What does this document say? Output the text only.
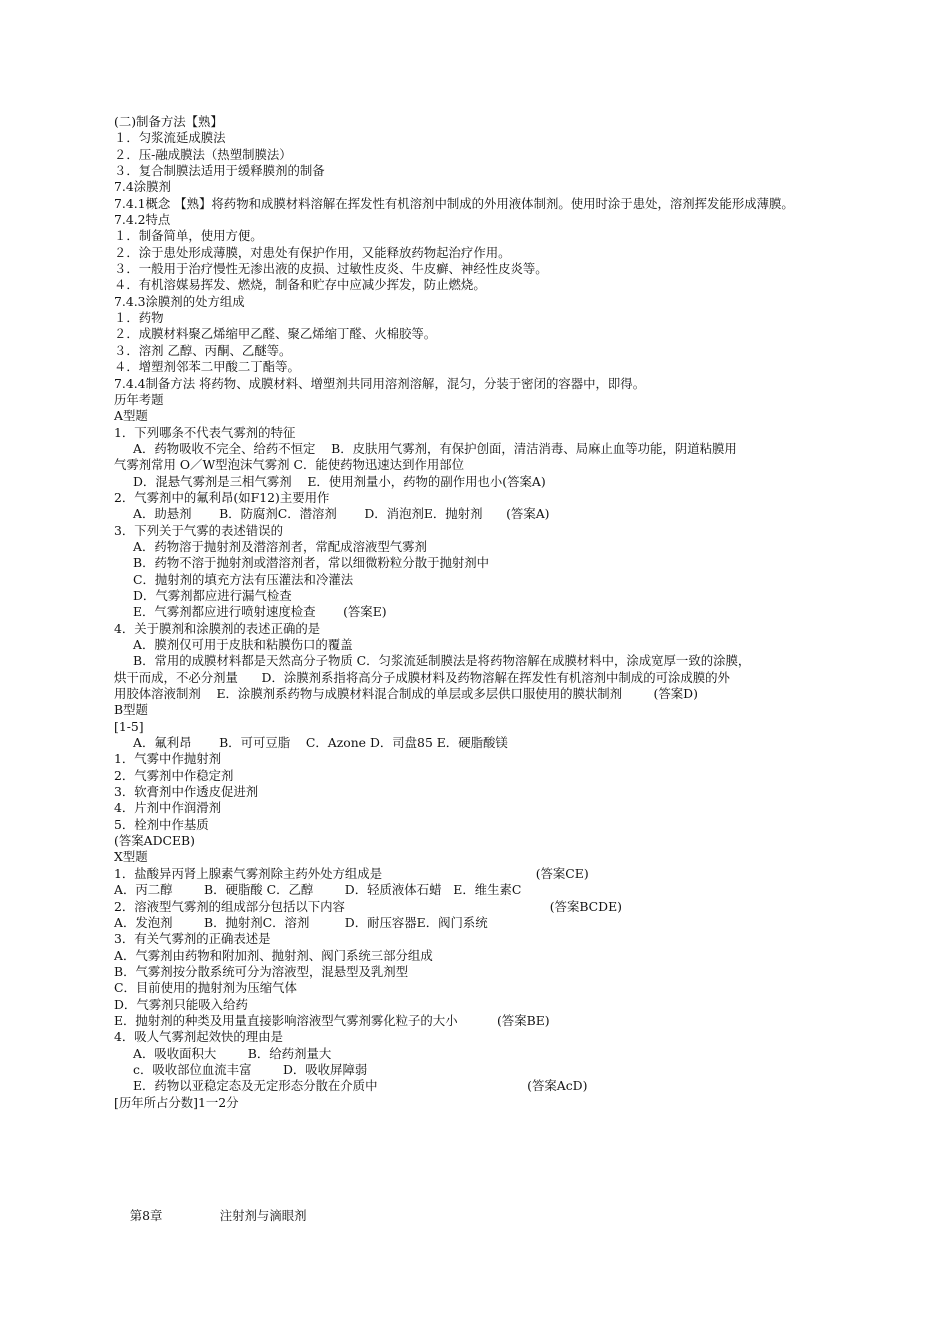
(二)制备方法【熟】
１．匀浆流延成膜法
２．压-融成膜法（热塑制膜法）
３．复合制膜法适用于缓释膜剂的制备
7.4涂膜剂
7.4.1概念 【熟】将药物和成膜材料溶解在挥发性有机溶剂中制成的外用液体制剂。使用时涂于患处，溶剂挥发能形成薄膜。
7.4.2特点
１．制备简单，使用方便。
２．涂于患处形成薄膜，对患处有保护作用，又能释放药物起治疗作用。
３．一般用于治疗慢性无渗出液的皮损、过敏性皮炎、牛皮癣、神经性皮炎等。
４．有机溶媒易挥发、燃烧，制备和贮存中应减少挥发，防止燃烧。
7.4.3涂膜剂的处方组成
１．药物
２．成膜材料聚乙烯缩甲乙醛、聚乙烯缩丁醛、火棉胶等。
３．溶剂 乙醇、丙酮、乙醚等。
４．增塑剂邻苯二甲酸二丁酯等。
7.4.4制备方法 将药物、成膜材料、增塑剂共同用溶剂溶解，混匀，分装于密闭的容器中，即得。
历年考题
A型题
1．下列哪条不代表气雾剂的特征
A．药物吸收不完全、给药不恒定    B．皮肤用气雾剂，有保护创面，清洁消毒、局麻止血等功能，阴道粘膜用
气雾剂常用 O／W型泡沫气雾剂 C．能使药物迅速达到作用部位
D．混悬气雾剂是三相气雾剂    E．使用剂量小，药物的副作用也小(答案A)
2．气雾剂中的氟利昂(如F12)主要用作
A．助悬剂       B．防腐剂C．潜溶剂       D．消泡剂E．抛射剂      (答案A)
3．下列关于气雾的表述错误的
A．药物溶于抛射剂及潜溶剂者，常配成溶液型气雾剂
B．药物不溶于抛射剂或潜溶剂者，常以细微粉粒分散于抛射剂中
C．抛射剂的填充方法有压灌法和冷灌法
D．气雾剂都应进行漏气检查
E．气雾剂都应进行喷射速度检查       (答案E)
4．关于膜剂和涂膜剂的表述正确的是
A．膜剂仅可用于皮肤和粘膜伤口的覆盖
B．常用的成膜材料都是天然高分子物质 C．匀浆流延制膜法是将药物溶解在成膜材料中，涂成宽厚一致的涂膜，
烘干而成，不必分剂量      D．涂膜剂系指将高分子成膜材料及药物溶解在挥发性有机溶剂中制成的可涂成膜的外
用胶体溶液制剂    E．涂膜剂系药物与成膜材料混合制成的单层或多层供口服使用的膜状制剂        (答案D)
B型题
[1-5]
A．氟利昂       B．可可豆脂    C．Azone D．司盘85 E．硬脂酸镁
1．气雾中作抛射剂
2．气雾剂中作稳定剂
3．软膏剂中作透皮促进剂
4．片剂中作润滑剂
5．栓剂中作基质
(答案ADCEB)
X型题
1．盐酸异丙肾上腺素气雾剂除主药外处方组成是                                       (答案CE)
A．丙二醇        B．硬脂酸 C．乙醇        D．轻质液体石蜡   E．维生素C
2．溶液型气雾剂的组成部分包括以下内容                                                    (答案BCDE)
A．发泡剂        B．抛射剂C．溶剂         D．耐压容器E．阀门系统
3．有关气雾剂的正确表述是
A．气雾剂由药物和附加剂、抛射剂、阀门系统三部分组成
B．气雾剂按分散系统可分为溶液型，混悬型及乳剂型
C．目前使用的抛射剂为压缩气体
D．气雾剂只能吸入给药
E．抛射剂的种类及用量直接影响溶液型气雾剂雾化粒子的大小          (答案BE)
4．吸人气雾剂起效快的理由是
A．吸收面积大        B．给药剂量大
c．吸收部位血流丰富        D．吸收屏障弱
E．药物以亚稳定态及无定形态分散在介质中                                      (答案AcD)
[历年所占分数]1一2分

第8章	注射剂与滴眼剂
